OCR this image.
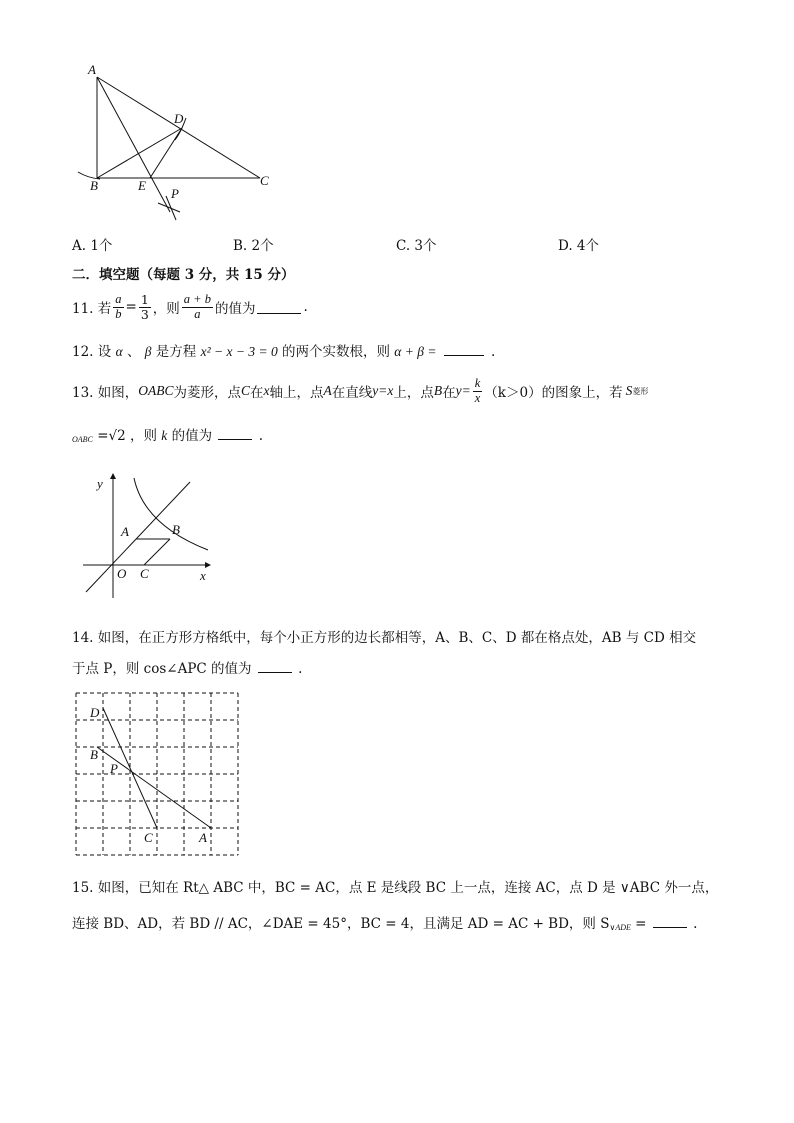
A
D
B	E	C
P
A. 1个	B. 2个	C. 3个	D. 4个
二．填空题（每题 3 分，共 15 分）
11. 若 $\frac{a}{b} = \frac{1}{3}$ ，则 $\frac{a + b}{a}$ 的值为	.
12. 设 α 、 β 是方程 x² − x − 3 = 0 的两个实数根，则 α + β =	.
13. 如图， OABC 为菱形，点 C 在 x 轴上，点 A 在直线 y=x 上，点 B 在 $y= \frac{k}{x} (k>0)$ 的图象上，若 S 菱形
$_{OABC}$ =√2 ，则 k 的值为	.
y
x
O C
A	B
14. 如图，在正方形方格纸中，每个小正方形的边长都相等，A、B、C、D 都在格点处，AB 与 CD 相交
于点 P，则 cos∠APC 的值为	.
D
B
P
C	A
15. 如图，已知在 Rt△ ABC 中，BC = AC，点 E 是线段 BC 上一点，连接 AC，点 D 是 ∨ABC 外一点，
连接 BD、AD，若 BD // AC，∠DAE = 45°，BC = 4，且满足 AD = AC + BD，则 $S_{\vee ADE}$ =	.
